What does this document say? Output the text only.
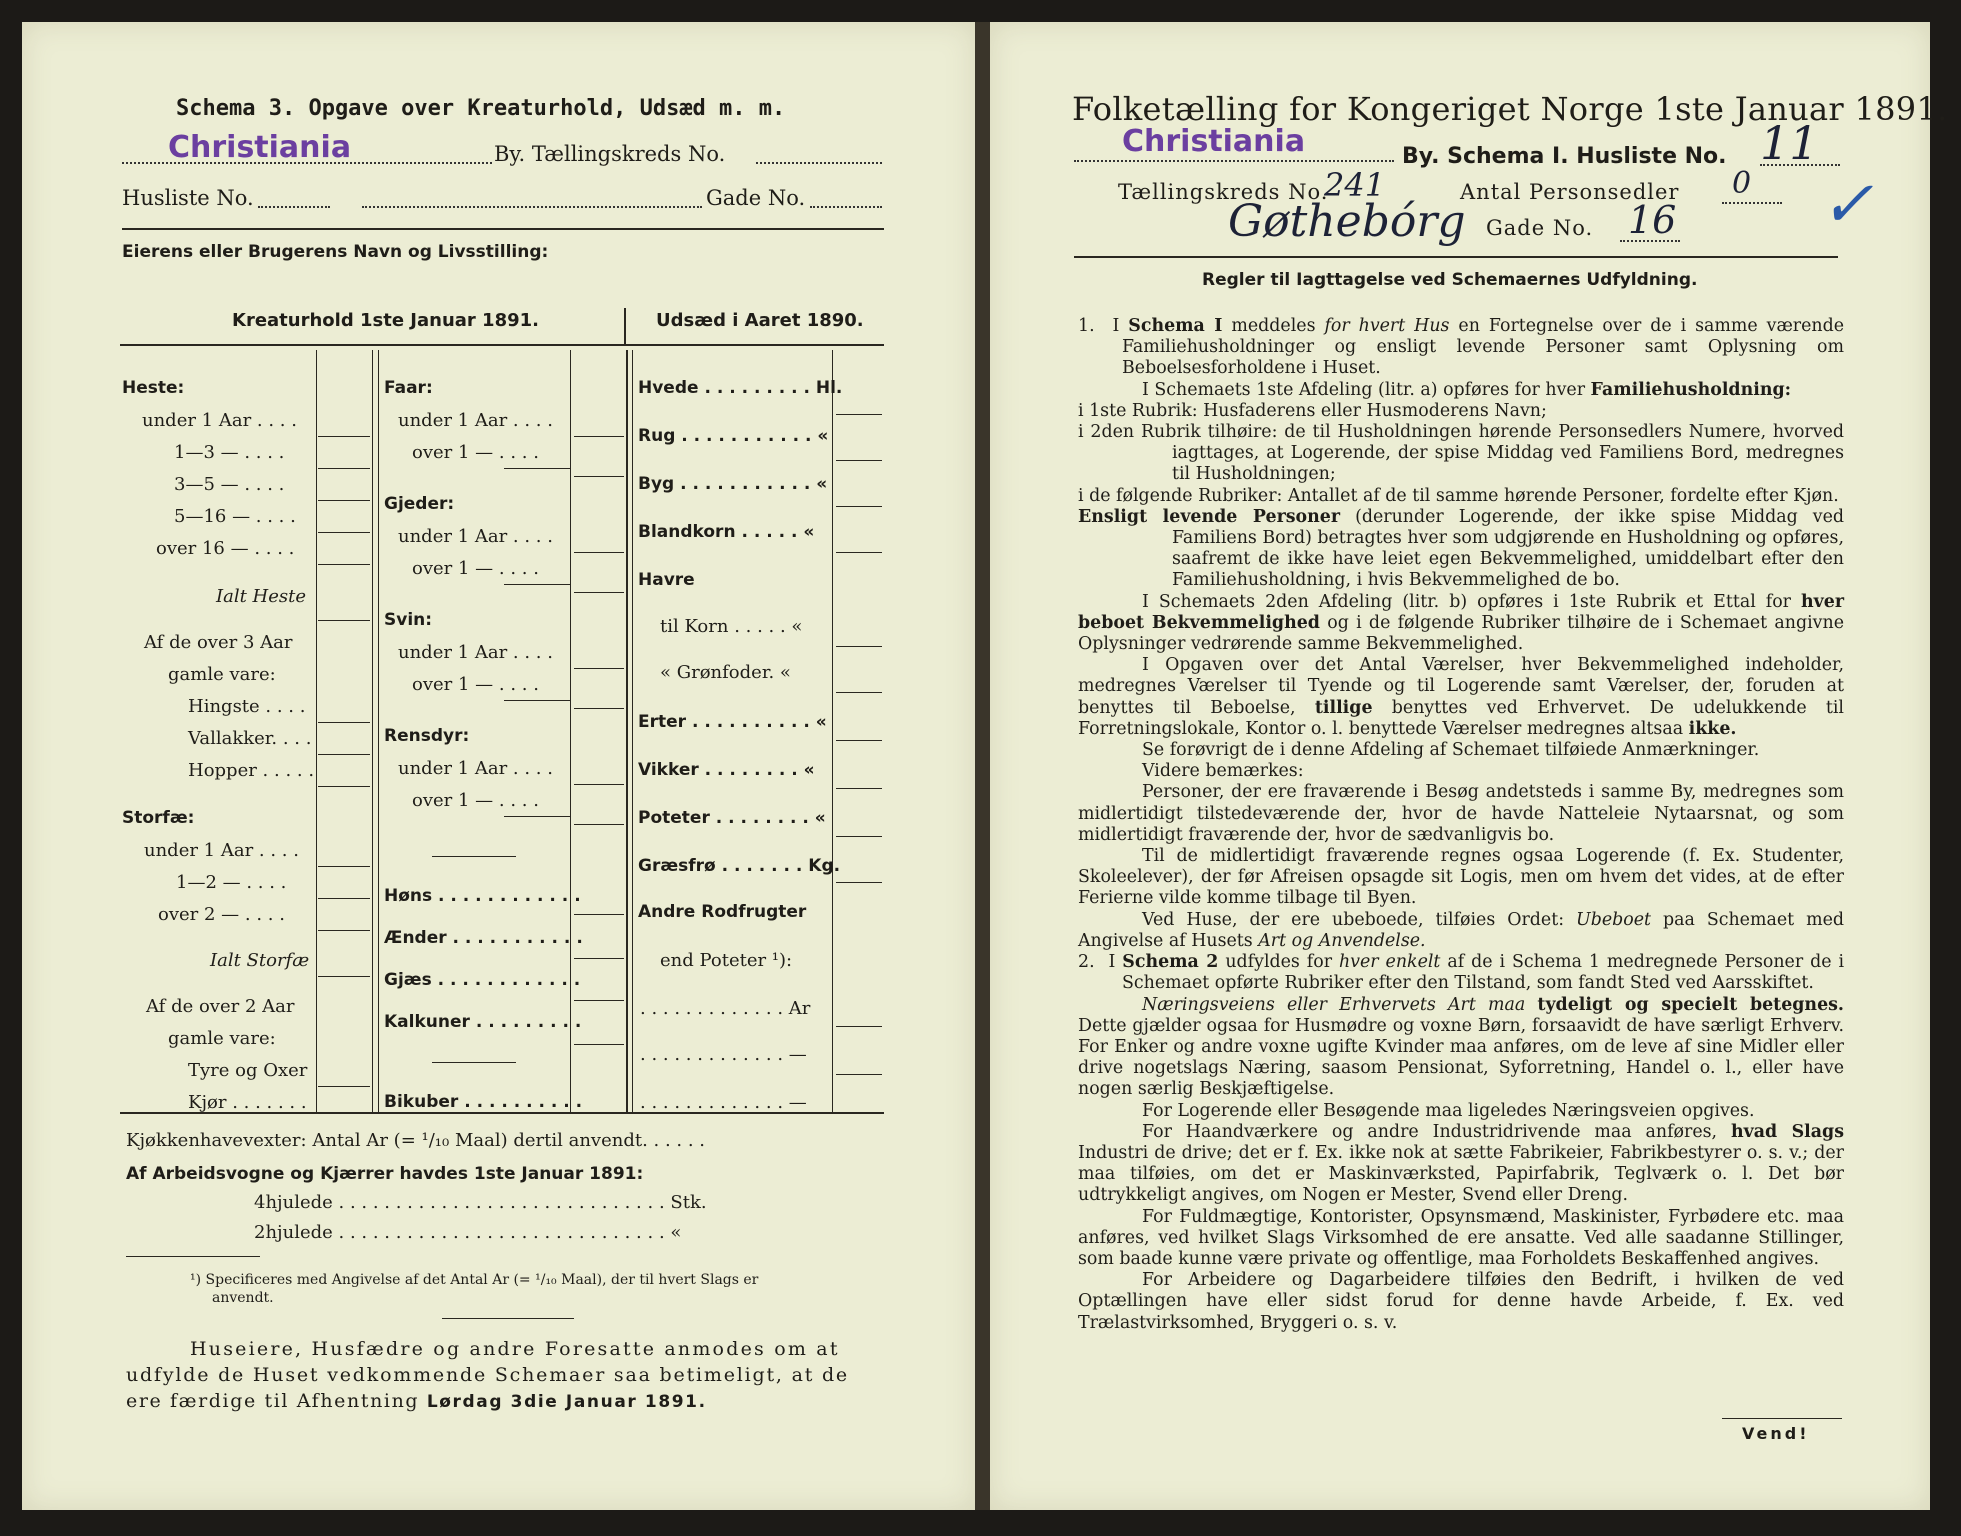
Schema 3. Opgave over Kreaturhold, Udsæd m. m.
Christiania	By. Tællingskreds No.
Husliste No.	Gade No.
Eierens eller Brugerens Navn og Livsstilling:
Kreaturhold 1ste Januar 1891.	Udsæd i Aaret 1890.
Heste:
under 1 Aar . . . .
1—3 — . . . .
3—5 — . . . .
5—16 — . . . .
over 16 — . . . .
Ialt Heste
Af de over 3 Aar
gamle vare:
Hingste . . . .
Vallakker. . . .
Hopper . . . . .
Storfæ:
under 1 Aar . . . .
1—2 — . . . .
over 2 — . . . .
Ialt Storfæ
Af de over 2 Aar
gamle vare:
Tyre og Oxer
Kjør . . . . . . .
Faar:
under 1 Aar . . . .
over 1 — . . . .
Gjeder:
under 1 Aar . . . .
over 1 — . . . .
Svin:
under 1 Aar . . . .
over 1 — . . . .
Rensdyr:
under 1 Aar . . . .
over 1 — . . . .
Høns . . . . . . . . . . . .
Ænder . . . . . . . . . . .
Gjæs . . . . . . . . . . . .
Kalkuner . . . . . . . . .
Bikuber . . . . . . . . . .
Hvede . . . . . . . . . Hl.
Rug . . . . . . . . . . . «
Byg . . . . . . . . . . . «
Blandkorn . . . . . «
Havre
til Korn . . . . . «
« Grønfoder. «
Erter . . . . . . . . . . «
Vikker . . . . . . . . «
Poteter . . . . . . . . «
Græsfrø . . . . . . . Kg.
Andre Rodfrugter
end Poteter ¹):
. . . . . . . . . . . . . Ar
. . . . . . . . . . . . . —
. . . . . . . . . . . . . —
Kjøkkenhavevexter: Antal Ar (= ¹/₁₀ Maal) dertil anvendt. . . . . .
Af Arbeidsvogne og Kjærrer havdes 1ste Januar 1891:
4hjulede . . . . . . . . . . . . . . . . . . . . . . . . . . . . . Stk.
2hjulede . . . . . . . . . . . . . . . . . . . . . . . . . . . . . «
¹) Specificeres med Angivelse af det Antal Ar (= ¹/₁₀ Maal), der til hvert Slags er
anvendt.
Huseiere, Husfædre og andre Foresatte anmodes om at
udfylde de Huset vedkommende Schemaer saa betimeligt, at de
ere færdige til Afhentning Lørdag 3die Januar 1891.
Folketælling for Kongeriget Norge 1ste Januar 1891.
Christiania	By. Schema I. Husliste No. 11
Tællingskreds No.
241	Antal Personsedler 0 ✓
Gøthebórg Gade No. 16
Regler til Iagttagelse ved Schemaernes Udfyldning.

1.  I Schema I meddeles for hvert Hus en Fortegnelse over de i samme værende Familiehusholdninger og ensligt levende Personer samt Oplysning om Beboelsesforholdene i Huset.

I Schemaets 1ste Afdeling (litr. a) opføres for hver Familiehusholdning:

i 1ste Rubrik: Husfaderens eller Husmoderens Navn;

i 2den Rubrik tilhøire: de til Husholdningen hørende Personsedlers Numere, hvorved iagttages, at Logerende, der spise Middag ved Familiens Bord, medregnes til Husholdningen;

i de følgende Rubriker: Antallet af de til samme hørende Personer, fordelte efter Kjøn.

Ensligt levende Personer (derunder Logerende, der ikke spise Middag ved Familiens Bord) betragtes hver som udgjørende en Husholdning og opføres, saafremt de ikke have leiet egen Bekvemmelighed, umiddelbart efter den Familiehusholdning, i hvis Bekvemmelighed de bo.

I Schemaets 2den Afdeling (litr. b) opføres i 1ste Rubrik et Ettal for hver beboet Bekvemmelighed og i de følgende Rubriker tilhøire de i Schemaet angivne Oplysninger vedrørende samme Bekvemmelighed.

I Opgaven over det Antal Værelser, hver Bekvemmelighed indeholder, medregnes Værelser til Tyende og til Logerende samt Værelser, der, foruden at benyttes til Beboelse, tillige benyttes ved Erhvervet. De udelukkende til Forretningslokale, Kontor o. l. benyttede Værelser medregnes altsaa ikke.

Se forøvrigt de i denne Afdeling af Schemaet tilføiede Anmærkninger.

Videre bemærkes:

Personer, der ere fraværende i Besøg andetsteds i samme By, medregnes som midlertidigt tilstedeværende der, hvor de havde Natteleie Nytaarsnat, og som midlertidigt fraværende der, hvor de sædvanligvis bo.

Til de midlertidigt fraværende regnes ogsaa Logerende (f. Ex. Studenter, Skoleelever), der før Afreisen opsagde sit Logis, men om hvem det vides, at de efter Ferierne vilde komme tilbage til Byen.

Ved Huse, der ere ubeboede, tilføies Ordet: Ubeboet paa Schemaet med Angivelse af Husets Art og Anvendelse.

2.  I Schema 2 udfyldes for hver enkelt af de i Schema 1 medregnede Personer de i Schemaet opførte Rubriker efter den Tilstand, som fandt Sted ved Aarsskiftet.

Næringsveiens eller Erhvervets Art maa tydeligt og specielt betegnes. Dette gjælder ogsaa for Husmødre og voxne Børn, forsaavidt de have særligt Erhverv. For Enker og andre voxne ugifte Kvinder maa anføres, om de leve af sine Midler eller drive nogetslags Næring, saasom Pensionat, Syforretning, Handel o. l., eller have nogen særlig Beskjæftigelse.

For Logerende eller Besøgende maa ligeledes Næringsveien opgives.

For Haandværkere og andre Industridrivende maa anføres, hvad Slags Industri de drive; det er f. Ex. ikke nok at sætte Fabrikeier, Fabrikbestyrer o. s. v.; der maa tilføies, om det er Maskinværksted, Papirfabrik, Teglværk o. l. Det bør udtrykkeligt angives, om Nogen er Mester, Svend eller Dreng.

For Fuldmægtige, Kontorister, Opsynsmænd, Maskinister, Fyrbødere etc. maa anføres, ved hvilket Slags Virksomhed de ere ansatte. Ved alle saadanne Stillinger, som baade kunne være private og offentlige, maa Forholdets Beskaffenhed angives.

For Arbeidere og Dagarbeidere tilføies den Bedrift, i hvilken de ved Optællingen have eller sidst forud for denne havde Arbeide, f. Ex. ved Trælastvirksomhed, Bryggeri o. s. v.

Vend!
